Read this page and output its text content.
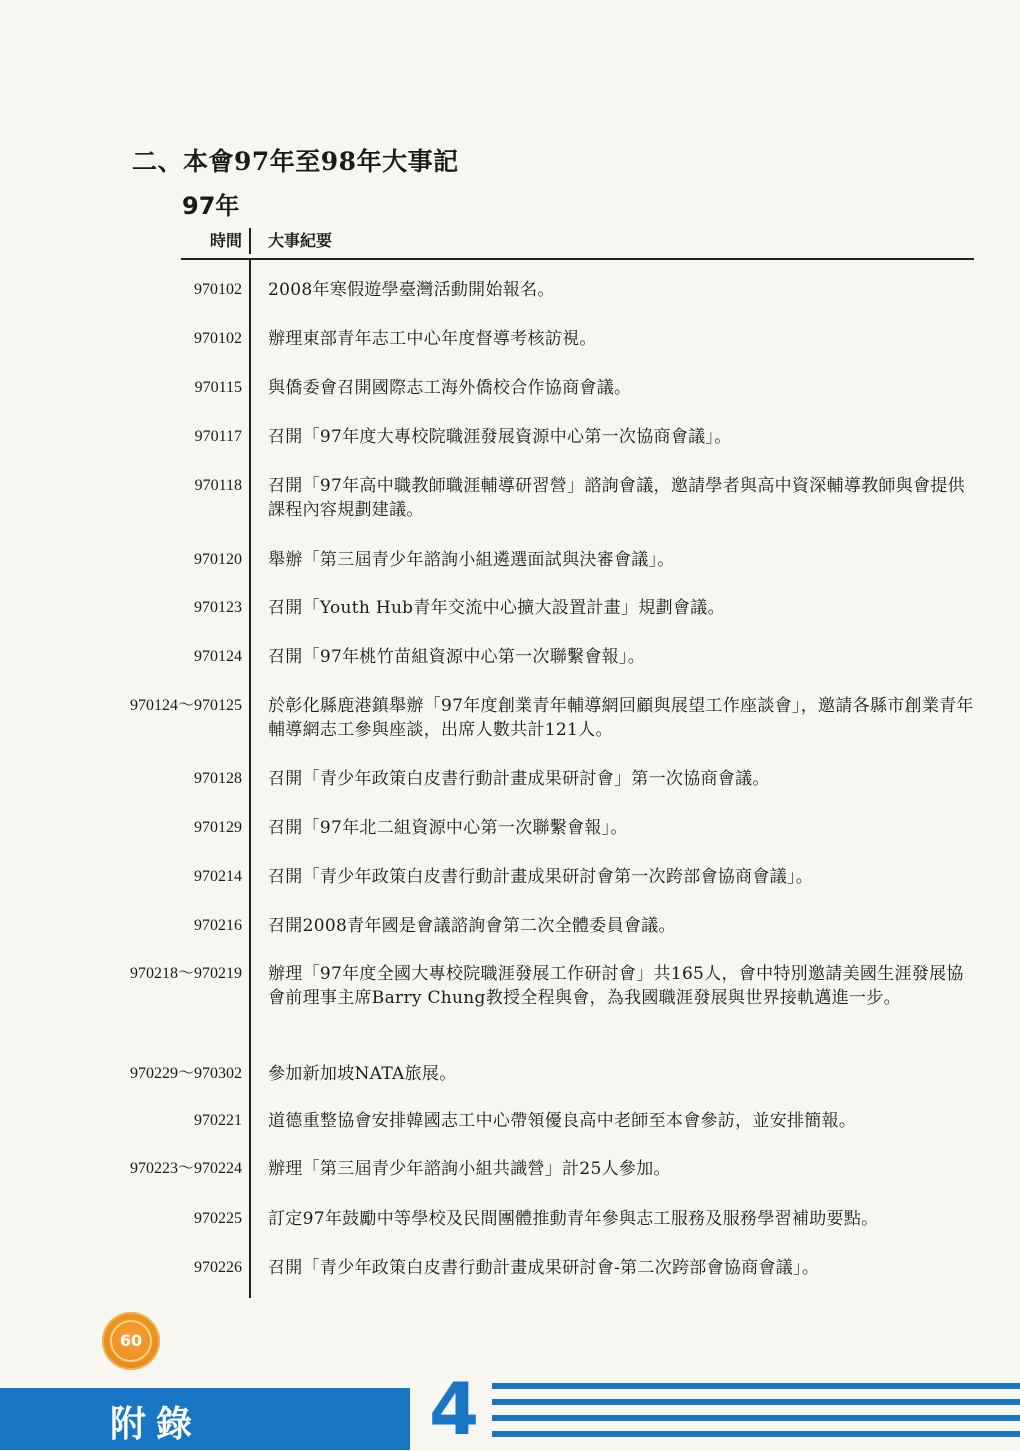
二、本會97年至98年大事記
97年
時間 大事紀要
970102 2008年寒假遊學臺灣活動開始報名。
970102 辦理東部青年志工中心年度督導考核訪視。
970115 與僑委會召開國際志工海外僑校合作協商會議。
970117 召開「97年度大專校院職涯發展資源中心第一次協商會議」。
970118 召開「97年高中職教師職涯輔導研習營」諮詢會議，邀請學者與高中資深輔導教師與會提供課程內容規劃建議。
970120 舉辦「第三屆青少年諮詢小組遴選面試與決審會議」。
970123 召開「Youth Hub青年交流中心擴大設置計畫」規劃會議。
970124 召開「97年桃竹苗組資源中心第一次聯繫會報」。
970124～970125 於彰化縣鹿港鎮舉辦「97年度創業青年輔導網回顧與展望工作座談會」，邀請各縣市創業青年輔導網志工參與座談，出席人數共計121人。
970128 召開「青少年政策白皮書行動計畫成果研討會」第一次協商會議。
970129 召開「97年北二組資源中心第一次聯繫會報」。
970214 召開「青少年政策白皮書行動計畫成果研討會第一次跨部會協商會議」。
970216 召開2008青年國是會議諮詢會第二次全體委員會議。
970218～970219 辦理「97年度全國大專校院職涯發展工作研討會」共165人，會中特別邀請美國生涯發展協會前理事主席Barry Chung教授全程與會，為我國職涯發展與世界接軌邁進一步。
970229～970302 參加新加坡NATA旅展。
970221 道德重整協會安排韓國志工中心帶領優良高中老師至本會參訪，並安排簡報。
970223～970224 辦理「第三屆青少年諮詢小組共識營」計25人參加。
970225 訂定97年鼓勵中等學校及民間團體推動青年參與志工服務及服務學習補助要點。
970226 召開「青少年政策白皮書行動計畫成果研討會-第二次跨部會協商會議」。
60
附錄	4
